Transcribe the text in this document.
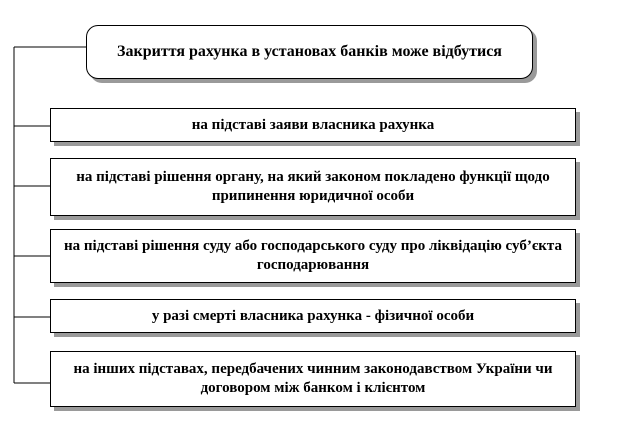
Закриття рахунка в установах банків може відбутися
на підставі заяви власника рахунка
на підставі рішення органу, на який законом покладено функції щодо припинення юридичної особи
на підставі рішення суду або господарського суду про ліквідацію суб’єкта господарювання
у разі смерті власника рахунка - фізичної особи
на інших підставах, передбачених чинним законодавством України чи договором між банком і клієнтом
